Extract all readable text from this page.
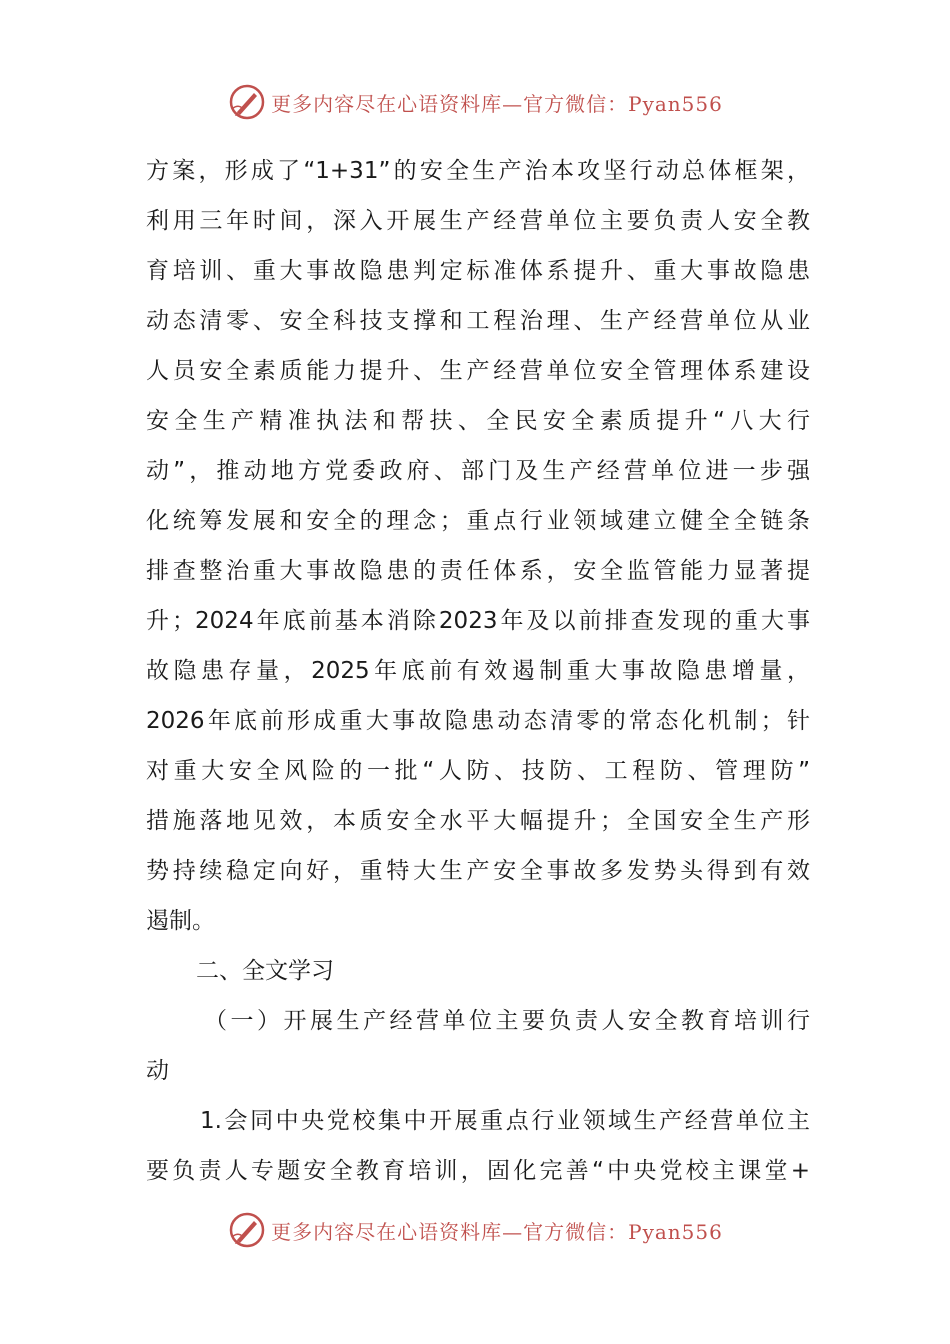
更多内容尽在心语资料库—官方微信：Pyan556
方案，形成了“1+31”的安全生产治本攻坚行动总体框架，
利用三年时间，深入开展生产经营单位主要负责人安全教
育培训、重大事故隐患判定标准体系提升、重大事故隐患
动态清零、安全科技支撑和工程治理、生产经营单位从业
人员安全素质能力提升、生产经营单位安全管理体系建设
安全生产精准执法和帮扶、全民安全素质提升“八大行
动”，推动地方党委政府、部门及生产经营单位进一步强
化统筹发展和安全的理念；重点行业领域建立健全全链条
排查整治重大事故隐患的责任体系，安全监管能力显著提
升；2024年底前基本消除2023年及以前排查发现的重大事
故隐患存量，2025年底前有效遏制重大事故隐患增量，
2026年底前形成重大事故隐患动态清零的常态化机制；针
对重大安全风险的一批“人防、技防、工程防、管理防”
措施落地见效，本质安全水平大幅提升；全国安全生产形
势持续稳定向好，重特大生产安全事故多发势头得到有效
遏制。
二、全文学习
（一）开展生产经营单位主要负责人安全教育培训行
动
1.会同中央党校集中开展重点行业领域生产经营单位主
要负责人专题安全教育培训，固化完善“中央党校主课堂+
更多内容尽在心语资料库—官方微信：Pyan556
